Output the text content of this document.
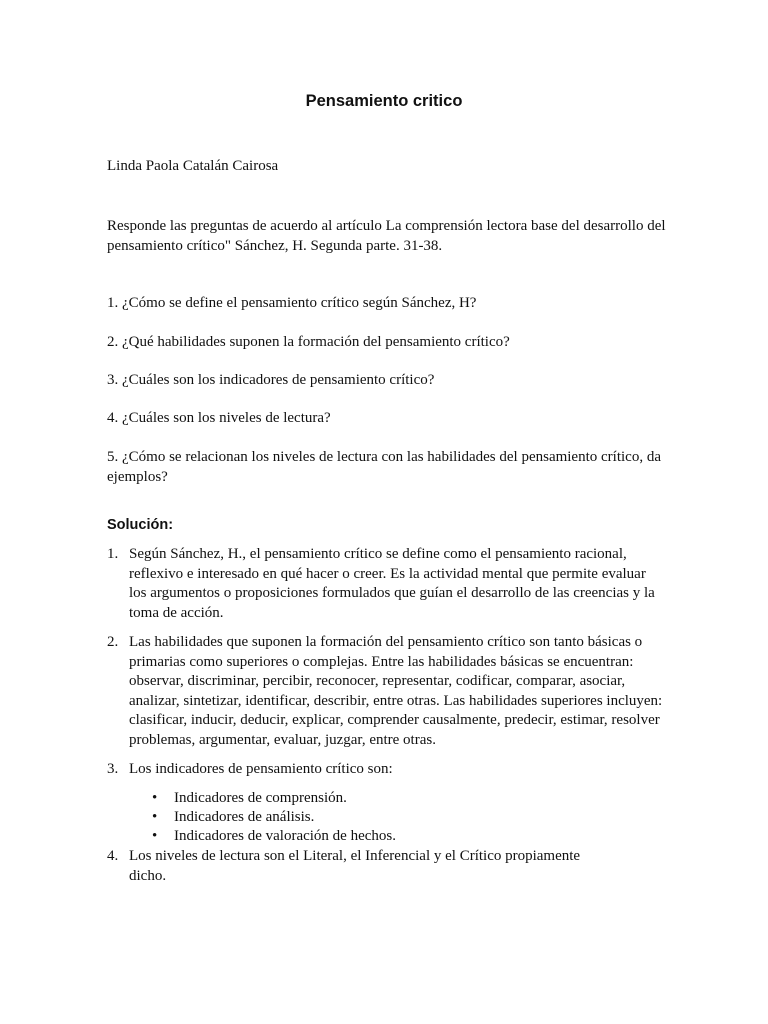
Pensamiento critico
Linda Paola Catalán Cairosa
Responde las preguntas de acuerdo al artículo La comprensión lectora base del desarrollo del pensamiento crítico" Sánchez, H. Segunda parte. 31-38.
1. ¿Cómo se define el pensamiento crítico según Sánchez, H?
2. ¿Qué habilidades suponen la formación del pensamiento crítico?
3. ¿Cuáles son los indicadores de pensamiento crítico?
4. ¿Cuáles son los niveles de lectura?
5. ¿Cómo se relacionan los niveles de lectura con las habilidades del pensamiento crítico, da ejemplos?
Solución:
1. Según Sánchez, H., el pensamiento crítico se define como el pensamiento racional, reflexivo e interesado en qué hacer o creer. Es la actividad mental que permite evaluar los argumentos o proposiciones formulados que guían el desarrollo de las creencias y la toma de acción.
2. Las habilidades que suponen la formación del pensamiento crítico son tanto básicas o primarias como superiores o complejas. Entre las habilidades básicas se encuentran: observar, discriminar, percibir, reconocer, representar, codificar, comparar, asociar, analizar, sintetizar, identificar, describir, entre otras. Las habilidades superiores incluyen: clasificar, inducir, deducir, explicar, comprender causalmente, predecir, estimar, resolver problemas, argumentar, evaluar, juzgar, entre otras.
3. Los indicadores de pensamiento crítico son:
• Indicadores de comprensión.
• Indicadores de análisis.
• Indicadores de valoración de hechos.
4. Los niveles de lectura son el Literal, el Inferencial y el Crítico propiamente dicho.
